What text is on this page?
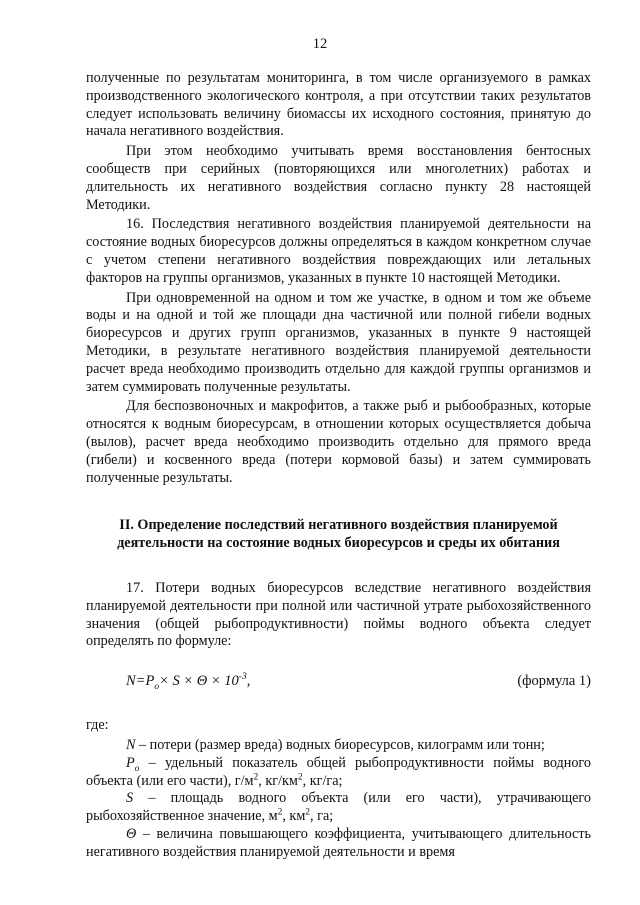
12

полученные по результатам мониторинга, в том числе организуемого в рамках производственного экологического контроля, а при отсутствии таких результатов следует использовать величину биомассы их исходного состояния, принятую до начала негативного воздействия.

При этом необходимо учитывать время восстановления бентосных сообществ при серийных (повторяющихся или многолетних) работах и длительность их негативного воздействия согласно пункту 28 настоящей Методики.

16. Последствия негативного воздействия планируемой деятельности на состояние водных биоресурсов должны определяться в каждом конкретном случае с учетом степени негативного воздействия повреждающих или летальных факторов на группы организмов, указанных в пункте 10 настоящей Методики.

При одновременной на одном и том же участке, в одном и том же объеме воды и на одной и той же площади дна частичной или полной гибели водных биоресурсов и других групп организмов, указанных в пункте 9 настоящей Методики, в результате негативного воздействия планируемой деятельности расчет вреда необходимо производить отдельно для каждой группы организмов и затем суммировать полученные результаты.

Для беспозвоночных и макрофитов, а также рыб и рыбообразных, которые относятся к водным биоресурсам, в отношении которых осуществляется добыча (вылов), расчет вреда необходимо производить отдельно для прямого вреда (гибели) и косвенного вреда (потери кормовой базы) и затем суммировать полученные результаты.

II. Определение последствий негативного воздействия планируемой деятельности на состояние водных биоресурсов и среды их обитания

17. Потери водных биоресурсов вследствие негативного воздействия планируемой деятельности при полной или частичной утрате рыбохозяйственного значения (общей рыбопродуктивности) поймы водного объекта следует определять по формуле:

$N=P_o\times S \times \Theta \times 10^{-3}$,	(формула 1)

где:

N – потери (размер вреда) водных биоресурсов, килограмм или тонн;

$P_o$ – удельный показатель общей рыбопродуктивности поймы водного объекта (или его части), $г/м^2$, $кг/км^2$, кг/га;

S – площадь водного объекта (или его части), утрачивающего рыбохозяйственное значение, $м^2$, $км^2$, га;

Θ – величина повышающего коэффициента, учитывающего длительность негативного воздействия планируемой деятельности и время
